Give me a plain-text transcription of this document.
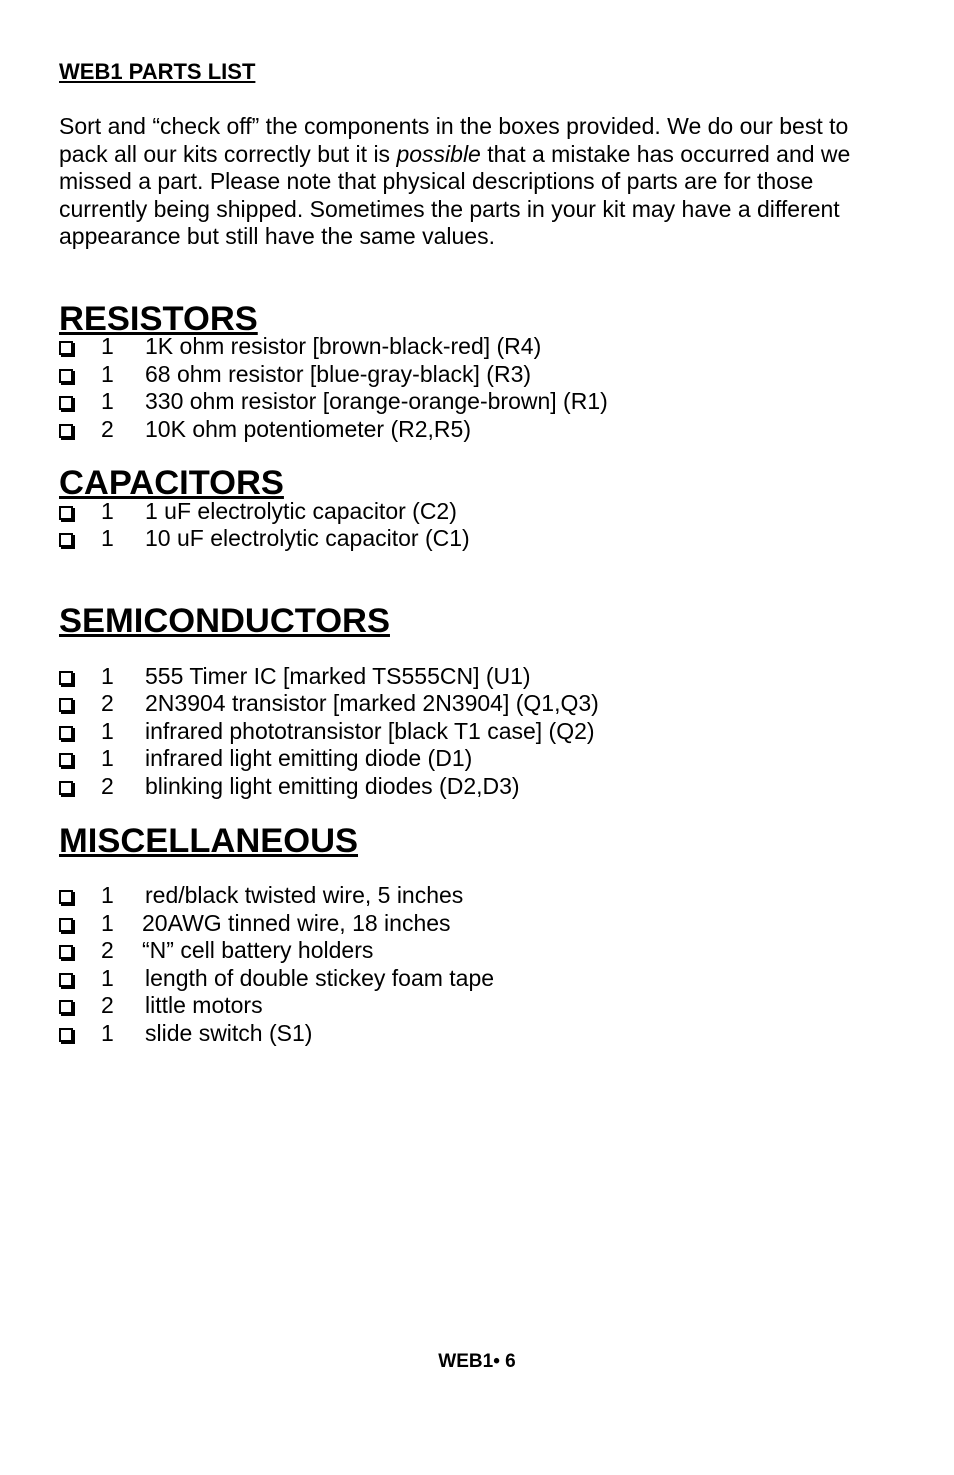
WEB1 PARTS LIST

Sort and “check off” the components in the boxes provided. We do our best to pack all our kits correctly but it is possible that a mistake has occurred and we missed a part. Please note that physical descriptions of parts are for those currently being shipped. Sometimes the parts in your kit may have a different appearance but still have the same values.

RESISTORS
1	1K ohm resistor [brown-black-red] (R4)
1	68 ohm resistor [blue-gray-black] (R3)
1	330 ohm resistor [orange-orange-brown] (R1)
2	10K ohm potentiometer (R2,R5)
CAPACITORS
1	1 uF electrolytic capacitor (C2)
1	10 uF electrolytic capacitor (C1)
SEMICONDUCTORS
1	555 Timer IC [marked TS555CN] (U1)
2	2N3904 transistor [marked 2N3904] (Q1,Q3)
1	infrared phototransistor [black T1 case] (Q2)
1	infrared light emitting diode (D1)
2	blinking light emitting diodes (D2,D3)
MISCELLANEOUS
1	red/black twisted wire, 5 inches
1	20AWG tinned wire, 18 inches
2	“N” cell battery holders
1	length of double stickey foam tape
2	little motors
1	slide switch (S1)
WEB1• 6
